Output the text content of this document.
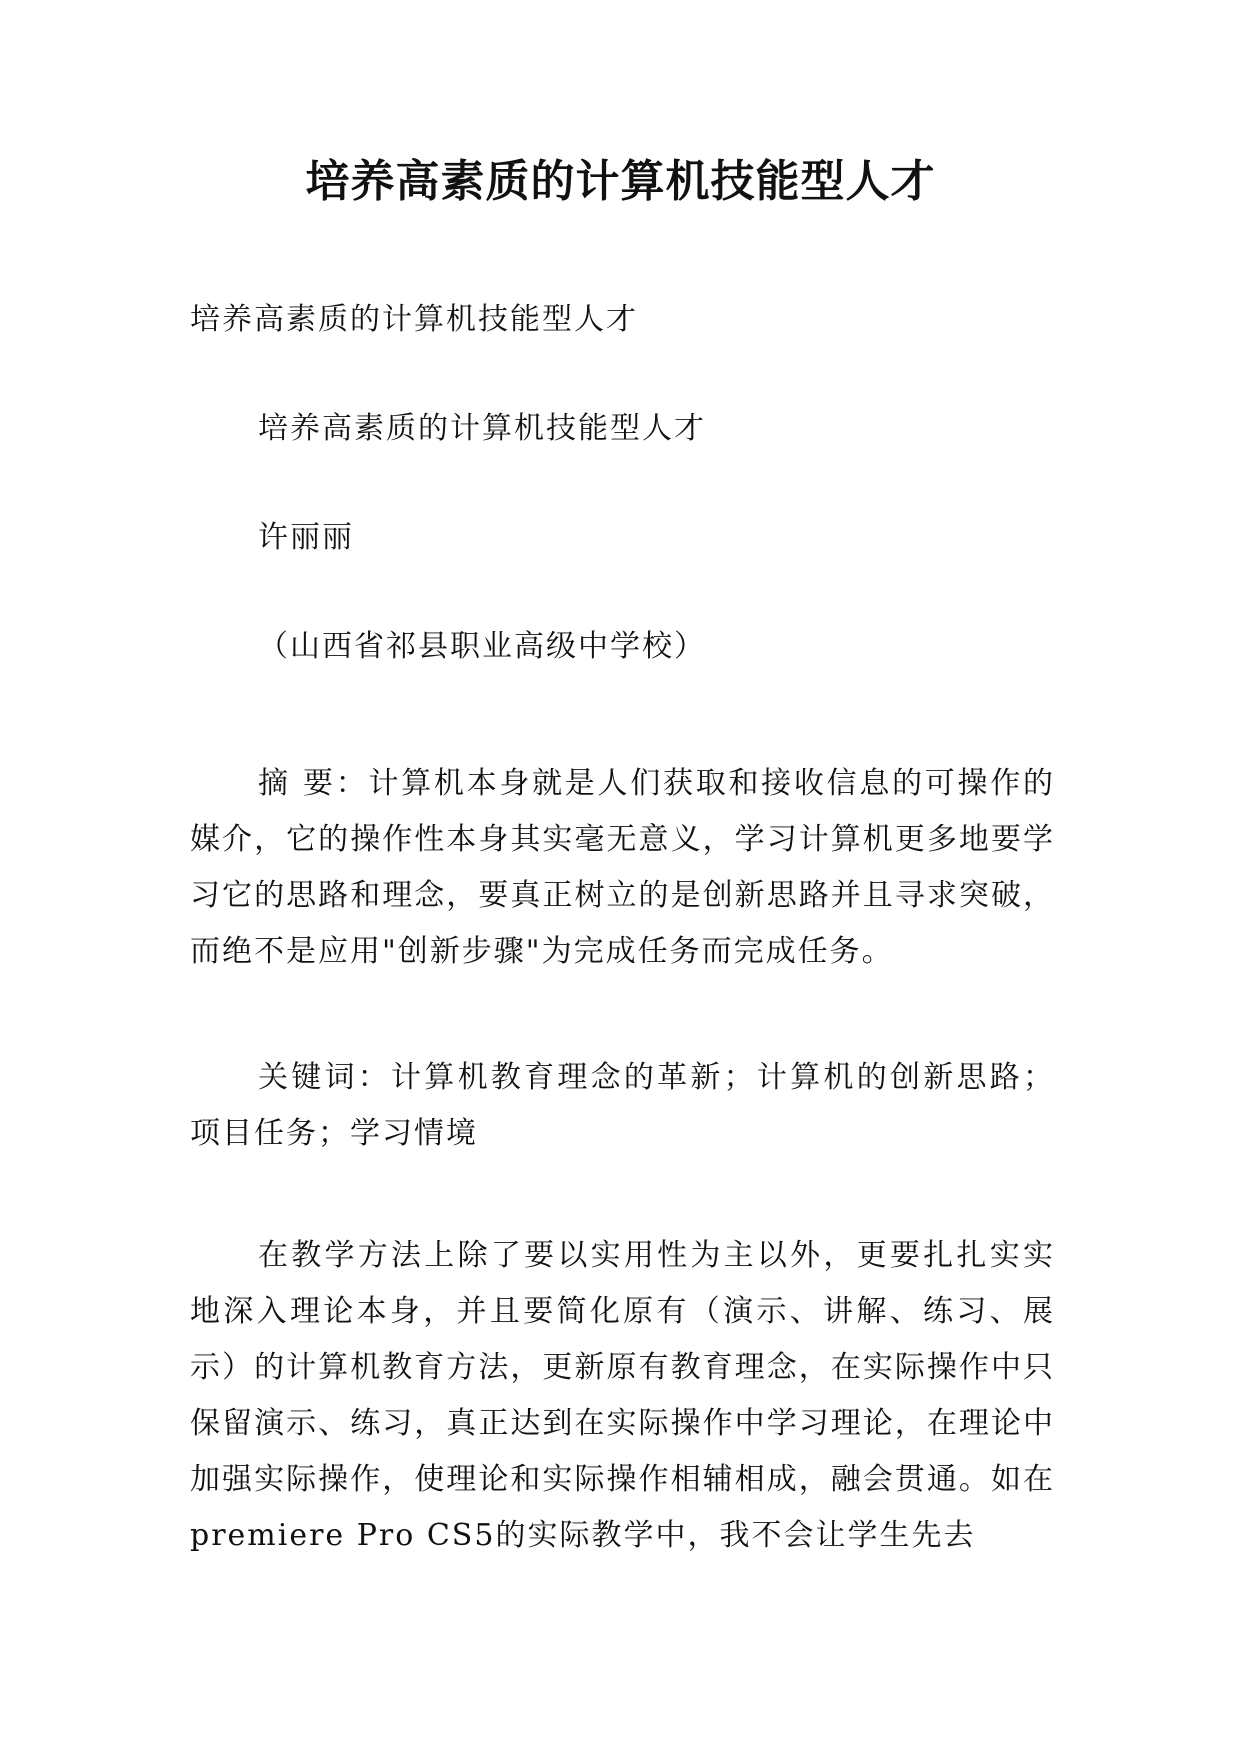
培养高素质的计算机技能型人才

培养高素质的计算机技能型人才

培养高素质的计算机技能型人才

许丽丽

（山西省祁县职业高级中学校）

摘 要：计算机本身就是人们获取和接收信息的可操作的媒介，它的操作性本身其实毫无意义，学习计算机更多地要学习它的思路和理念，要真正树立的是创新思路并且寻求突破，而绝不是应用"创新步骤"为完成任务而完成任务。

关键词：计算机教育理念的革新；计算机的创新思路；项目任务；学习情境

在教学方法上除了要以实用性为主以外，更要扎扎实实地深入理论本身，并且要简化原有（演示、讲解、练习、展示）的计算机教育方法，更新原有教育理念，在实际操作中只保留演示、练习，真正达到在实际操作中学习理论，在理论中加强实际操作，使理论和实际操作相辅相成，融会贯通。如在premiere Pro CS5的实际教学中，我不会让学生先去
